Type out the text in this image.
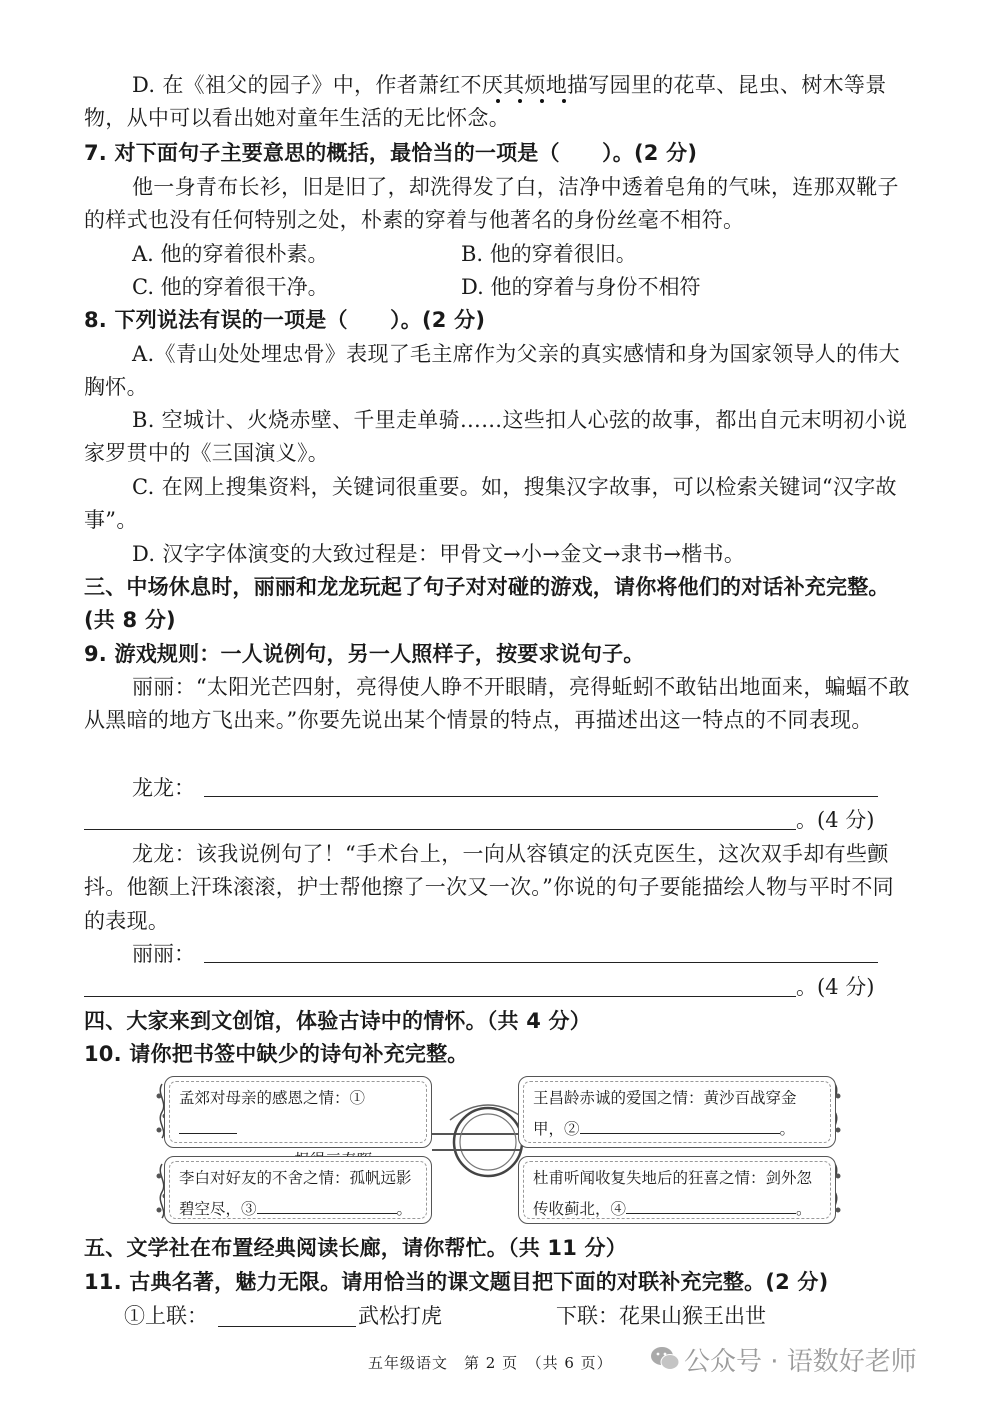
D. 在《祖父的园子》中，作者萧红不厌其烦地描写园里的花草、昆虫、树木等景物，从中可以看出她对童年生活的无比怀念。
7. 对下面句子主要意思的概括，最恰当的一项是（　　）。(2 分)
他一身青布长衫，旧是旧了，却洗得发了白，洁净中透着皂角的气味，连那双靴子的样式也没有任何特别之处，朴素的穿着与他著名的身份丝毫不相符。
A. 他的穿着很朴素。	B. 他的穿着很旧。
C. 他的穿着很干净。	D. 他的穿着与身份不相符
8. 下列说法有误的一项是（　　）。(2 分)
A.《青山处处埋忠骨》表现了毛主席作为父亲的真实感情和身为国家领导人的伟大胸怀。
B. 空城计、火烧赤壁、千里走单骑……这些扣人心弦的故事，都出自元末明初小说家罗贯中的《三国演义》。
C. 在网上搜集资料，关键词很重要。如，搜集汉字故事，可以检索关键词“汉字故事”。
D. 汉字字体演变的大致过程是：甲骨文→小→金文→隶书→楷书。
三、中场休息时，丽丽和龙龙玩起了句子对对碰的游戏，请你将他们的对话补充完整。(共 8 分)
9. 游戏规则：一人说例句，另一人照样子，按要求说句子。
丽丽：“太阳光芒四射，亮得使人睁不开眼睛，亮得蚯蚓不敢钻出地面来，蝙蝠不敢从黑暗的地方飞出来。”你要先说出某个情景的特点，再描述出这一特点的不同表现。
龙龙：
。(4 分)
龙龙：该我说例句了！“手术台上，一向从容镇定的沃克医生，这次双手却有些颤抖。他额上汗珠滚滚，护士帮他擦了一次又一次。”你说的句子要能描绘人物与平时不同的表现。
丽丽：
。(4 分)
四、大家来到文创馆，体验古诗中的情怀。（共 4 分）
10. 请你把书签中缺少的诗句补充完整。
孟郊对母亲的感恩之情：①	王昌龄赤诚的爱国之情：黄沙百战穿金
甲，②	。
李白对好友的不舍之情：孤帆远影
碧空尽，③	。
杜甫听闻收复失地后的狂喜之情：剑外忽
传收蓟北，④	。
五、文学社在布置经典阅读长廊，请你帮忙。（共 11 分）
11. 古典名著，魅力无限。请用恰当的课文题目把下面的对联补充完整。(2 分)
①上联：	武松打虎	下联：花果山猴王出世
五年级语文　第 2 页　（共 6 页）	公众号 · 语数好老师
